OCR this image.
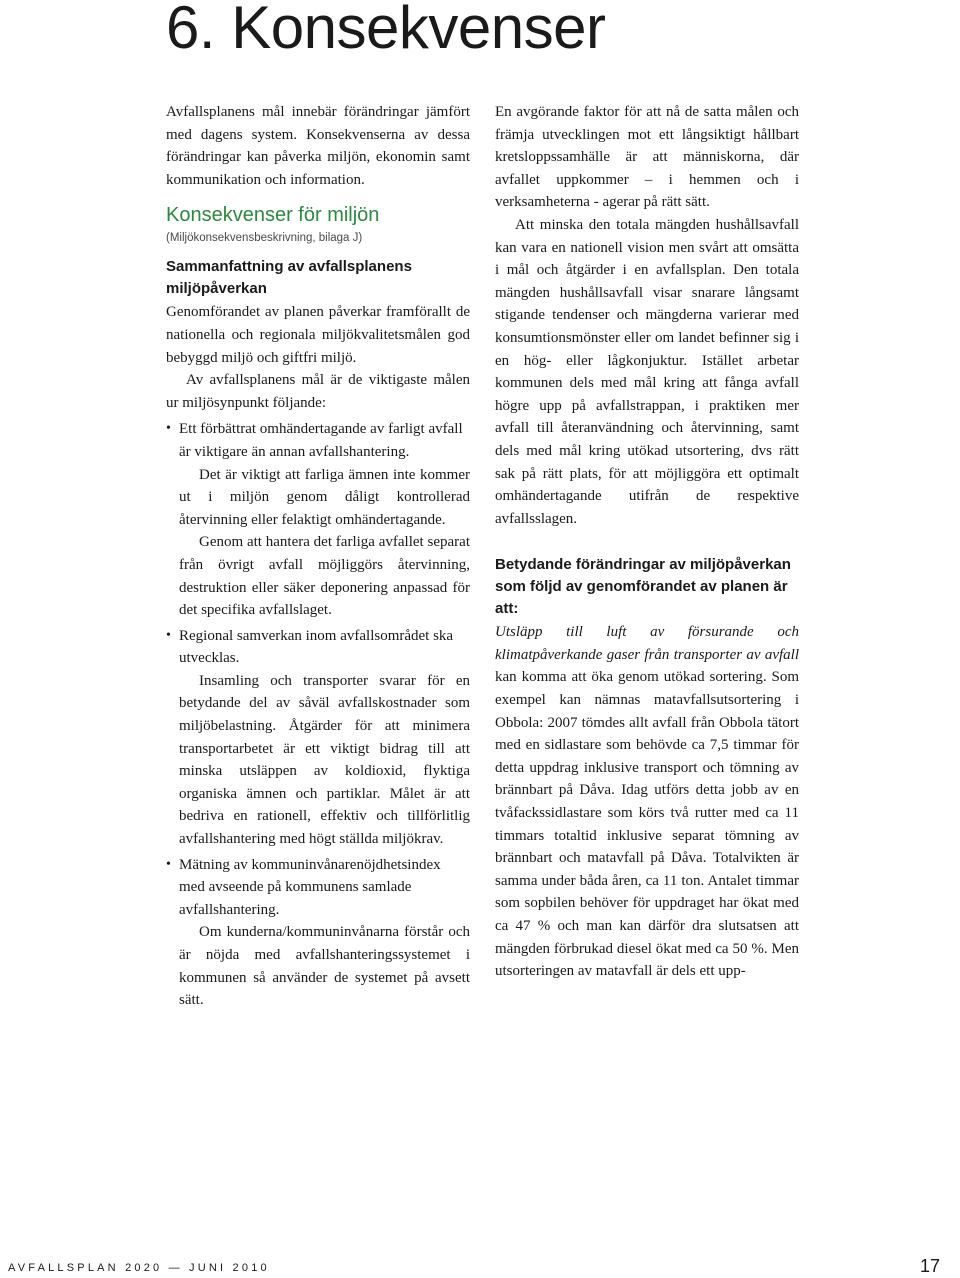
6. Konsekvenser

Avfallsplanens mål innebär förändringar jämfört med dagens system. Konsekvenserna av dessa förändringar kan påverka miljön, ekonomin samt kommunikation och information.

Konsekvenser för miljön
(Miljökonsekvensbeskrivning, bilaga J)
Sammanfattning av avfallsplanens miljöpåverkan

Genomförandet av planen påverkar framförallt de nationella och regionala miljökvalitetsmålen god bebyggd miljö och giftfri miljö.

Av avfallsplanens mål är de viktigaste målen ur miljösynpunkt följande:

• Ett förbättrat omhändertagande av farligt avfall är viktigare än annan avfallshantering.

Det är viktigt att farliga ämnen inte kommer ut i miljön genom dåligt kontrollerad återvinning eller felaktigt omhändertagande.

Genom att hantera det farliga avfallet separat från övrigt avfall möjliggörs återvinning, destruktion eller säker deponering anpassad för det specifika avfallslaget.

• Regional samverkan inom avfallsområdet ska utvecklas.

Insamling och transporter svarar för en betydande del av såväl avfallskostnader som miljöbelastning. Åtgärder för att minimera transportarbetet är ett viktigt bidrag till att minska utsläppen av koldioxid, flyktiga organiska ämnen och partiklar. Målet är att bedriva en rationell, effektiv och tillförlitlig avfallshantering med högt ställda miljökrav.

• Mätning av kommuninvånarenöjdhetsindex med avseende på kommunens samlade avfallshantering.

Om kunderna/kommuninvånarna förstår och är nöjda med avfallshanteringssystemet i kommunen så använder de systemet på avsett sätt.

En avgörande faktor för att nå de satta målen och främja utvecklingen mot ett långsiktigt hållbart kretsloppssamhälle är att människorna, där avfallet uppkommer – i hemmen och i verksamheterna - agerar på rätt sätt.

Att minska den totala mängden hushållsavfall kan vara en nationell vision men svårt att omsätta i mål och åtgärder i en avfallsplan. Den totala mängden hushållsavfall visar snarare långsamt stigande tendenser och mängderna varierar med konsumtionsmönster eller om landet befinner sig i en hög- eller lågkonjuktur. Istället arbetar kommunen dels med mål kring att fånga avfall högre upp på avfallstrappan, i praktiken mer avfall till återanvändning och återvinning, samt dels med mål kring utökad utsortering, dvs rätt sak på rätt plats, för att möjliggöra ett optimalt omhändertagande utifrån de respektive avfallsslagen.

Betydande förändringar av miljöpåverkan som följd av genomförandet av planen är att:

Utsläpp till luft av försurande och klimatpåverkande gaser från transporter av avfall kan komma att öka genom utökad sortering. Som exempel kan nämnas matavfallsutsortering i Obbola: 2007 tömdes allt avfall från Obbola tätort med en sidlastare som behövde ca 7,5 timmar för detta uppdrag inklusive transport och tömning av brännbart på Dåva. Idag utförs detta jobb av en tvåfackssidlastare som körs två rutter med ca 11 timmars totaltid inklusive separat tömning av brännbart och matavfall på Dåva. Totalvikten är samma under båda åren, ca 11 ton. Antalet timmar som sopbilen behöver för uppdraget har ökat med ca 47 % och man kan därför dra slutsatsen att mängden förbrukad diesel ökat med ca 50 %. Men utsorteringen av matavfall är dels ett upp-

AVFALLSPLAN 2020 — JUNI 2010	17
